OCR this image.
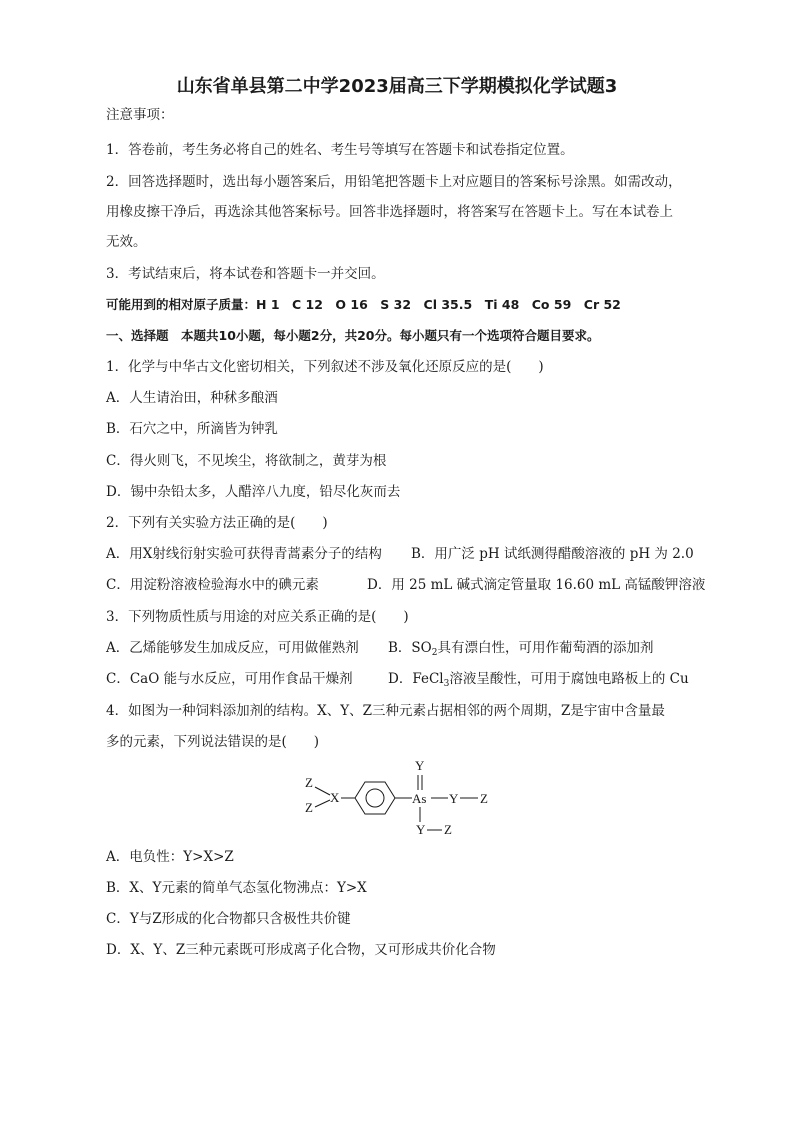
山东省单县第二中学2023届高三下学期模拟化学试题3
注意事项：
1．答卷前，考生务必将自己的姓名、考生号等填写在答题卡和试卷指定位置。
2．回答选择题时，选出每小题答案后，用铅笔把答题卡上对应题目的答案标号涂黑。如需改动，
用橡皮擦干净后，再选涂其他答案标号。回答非选择题时，将答案写在答题卡上。写在本试卷上
无效。
3．考试结束后，将本试卷和答题卡一并交回。
可能用到的相对原子质量：H 1　C 12　O 16　S 32　Cl 35.5　Ti 48　Co 59　Cr 52
一、选择题　本题共10小题，每小题2分，共20分。每小题只有一个选项符合题目要求。
1．化学与中华古文化密切相关，下列叙述不涉及氧化还原反应的是(　　)
A．人生请治田，种秫多酿酒
B．石穴之中，所滴皆为钟乳
C．得火则飞，不见埃尘，将欲制之，黄芽为根
D．锡中杂铅太多，人醋淬八九度，铅尽化灰而去
2．下列有关实验方法正确的是(　　)
A．用X射线衍射实验可获得青蒿素分子的结构 B．用广泛 pH 试纸测得醋酸溶液的 pH 为 2.0
C．用淀粉溶液检验海水中的碘元素	D．用 25 mL 碱式滴定管量取 16.60 mL 高锰酸钾溶液
3．下列物质性质与用途的对应关系正确的是(　　)
A．乙烯能够发生加成反应，可用做催熟剂 B．$SO_2$具有漂白性，可用作葡萄酒的添加剂
C．CaO 能与水反应，可用作食品干燥剂	D．FeCl$_3$溶液呈酸性，可用于腐蚀电路板上的 Cu
4．如图为一种饲料添加剂的结构。X、Y、Z三种元素占据相邻的两个周期，Z是宇宙中含量最
多的元素，下列说法错误的是(　　)
Z
Z
X	As
Y
Y Z
Y Z
A．电负性：Y>X>Z
B．X、Y元素的简单气态氢化物沸点：Y>X
C．Y与Z形成的化合物都只含极性共价键
D．X、Y、Z三种元素既可形成离子化合物，又可形成共价化合物
